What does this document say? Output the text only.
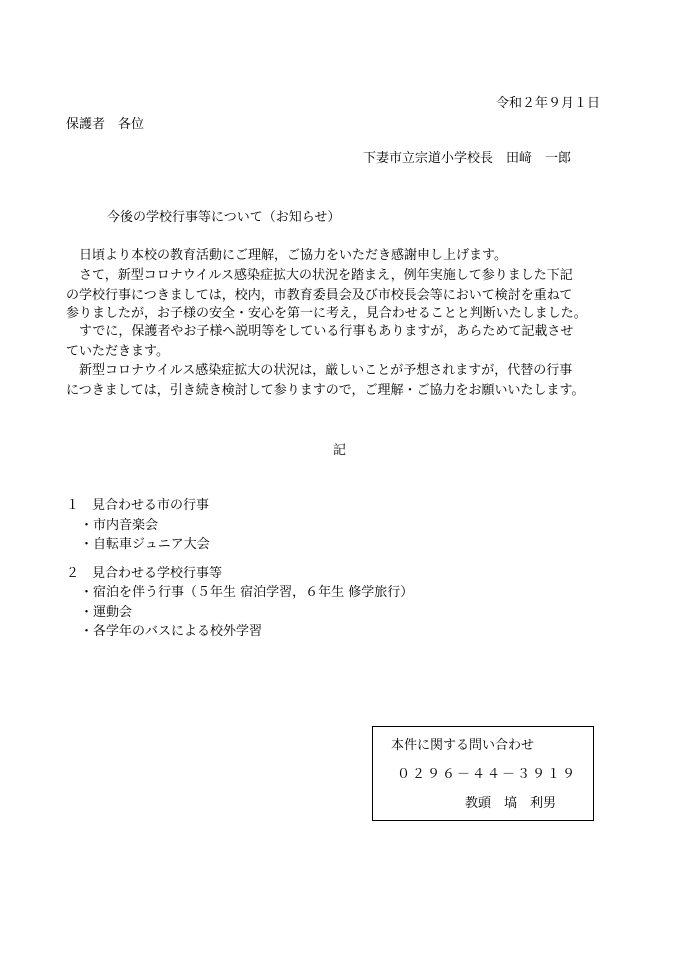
令和２年９月１日
保護者　各位
下妻市立宗道小学校長　田﨑　一郎
今後の学校行事等について（お知らせ）
　日頃より本校の教育活動にご理解，ご協力をいただき感謝申し上げます。
　さて，新型コロナウイルス感染症拡大の状況を踏まえ，例年実施して参りました下記
の学校行事につきましては，校内，市教育委員会及び市校長会等において検討を重ねて
参りましたが，お子様の安全・安心を第一に考え，見合わせることと判断いたしました。
　すでに，保護者やお子様へ説明等をしている行事もありますが，あらためて記載させ
ていただきます。
　新型コロナウイルス感染症拡大の状況は，厳しいことが予想されますが，代替の行事
につきましては，引き続き検討して参りますので，ご理解・ご協力をお願いいたします。
記
１　見合わせる市の行事
・市内音楽会
・自転車ジュニア大会
２　見合わせる学校行事等
・宿泊を伴う行事（５年生 宿泊学習，６年生 修学旅行）
・運動会
・各学年のバスによる校外学習
本件に関する問い合わせ
０２９６－４４－３９１９
教頭　塙　利男
